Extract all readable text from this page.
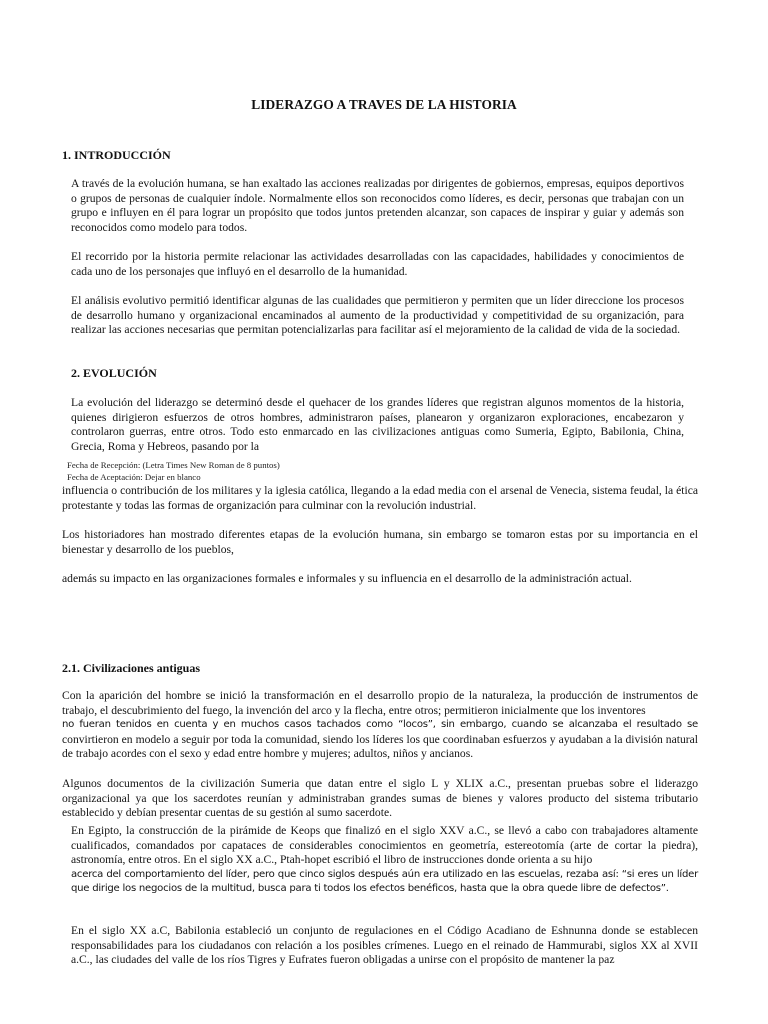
LIDERAZGO A TRAVES DE LA HISTORIA
1. INTRODUCCIÓN

A través de la evolución humana, se han exaltado las acciones realizadas por dirigentes de gobiernos, empresas, equipos deportivos o grupos de personas de cualquier índole. Normalmente ellos son reconocidos como líderes, es decir, personas que trabajan con un grupo e influyen en él para lograr un propósito que todos juntos pretenden alcanzar, son capaces de inspirar y guiar y además son reconocidos como modelo para todos.

El recorrido por la historia permite relacionar las actividades desarrolladas con las capacidades, habilidades y conocimientos de cada uno de los personajes que influyó en el desarrollo de la humanidad.

El análisis evolutivo permitió identificar algunas de las cualidades que permitieron y permiten que un líder direccione los procesos de desarrollo humano y organizacional encaminados al aumento de la productividad y competitividad de su organización, para realizar las acciones necesarias que permitan potencializarlas para facilitar así el mejoramiento de la calidad de vida de la sociedad.

2. EVOLUCIÓN

La evolución del liderazgo se determinó desde el quehacer de los grandes líderes que registran algunos momentos de la historia, quienes dirigieron esfuerzos de otros hombres, administraron países, planearon y organizaron exploraciones, encabezaron y controlaron guerras, entre otros. Todo esto enmarcado en las civilizaciones antiguas como Sumeria, Egipto, Babilonia, China, Grecia, Roma y Hebreos, pasando por la

Fecha de Recepción: (Letra Times New Roman de 8 puntos)

Fecha de Aceptación: Dejar en blanco

influencia o contribución de los militares y la iglesia católica, llegando a la edad media con el arsenal de Venecia, sistema feudal, la ética protestante y todas las formas de organización para culminar con la revolución industrial.

Los historiadores han mostrado diferentes etapas de la evolución humana, sin embargo se tomaron estas por su importancia en el bienestar y desarrollo de los pueblos,

además su impacto en las organizaciones formales e informales y su influencia en el desarrollo de la administración actual.

2.1. Civilizaciones antiguas

Con la aparición del hombre se inició la transformación en el desarrollo propio de la naturaleza, la producción de instrumentos de trabajo, el descubrimiento del fuego, la invención del arco y la flecha, entre otros; permitieron inicialmente que los inventores

no fueran tenidos en cuenta y en muchos casos tachados como “locos”, sin embargo, cuando se alcanzaba el resultado se

convirtieron en modelo a seguir por toda la comunidad, siendo los líderes los que coordinaban esfuerzos y ayudaban a la división natural de trabajo acordes con el sexo y edad entre hombre y mujeres; adultos, niños y ancianos.

Algunos documentos de la civilización Sumeria que datan entre el siglo L y XLIX a.C., presentan pruebas sobre el liderazgo organizacional ya que los sacerdotes reunían y administraban grandes sumas de bienes y valores producto del sistema tributario establecido y debían presentar cuentas de su gestión al sumo sacerdote.

En Egipto, la construcción de la pirámide de Keops que finalizó en el siglo XXV a.C., se llevó a cabo con trabajadores altamente cualificados, comandados por capataces de considerables conocimientos en geometría, estereotomía (arte de cortar la piedra), astronomía, entre otros. En el siglo XX a.C., Ptah-hopet escribió el libro de instrucciones donde orienta a su hijo

acerca del comportamiento del líder, pero que cinco siglos después aún era utilizado en las escuelas, rezaba así: “si eres un líder que dirige los negocios de la multitud, busca para ti todos los efectos benéficos, hasta que la obra quede libre de defectos”.

En el siglo XX a.C, Babilonia estableció un conjunto de regulaciones en el Código Acadiano de Eshnunna donde se establecen responsabilidades para los ciudadanos con relación a los posibles crímenes. Luego en el reinado de Hammurabi, siglos XX al XVII a.C., las ciudades del valle de los ríos Tigres y Eufrates fueron obligadas a unirse con el propósito de mantener la paz
